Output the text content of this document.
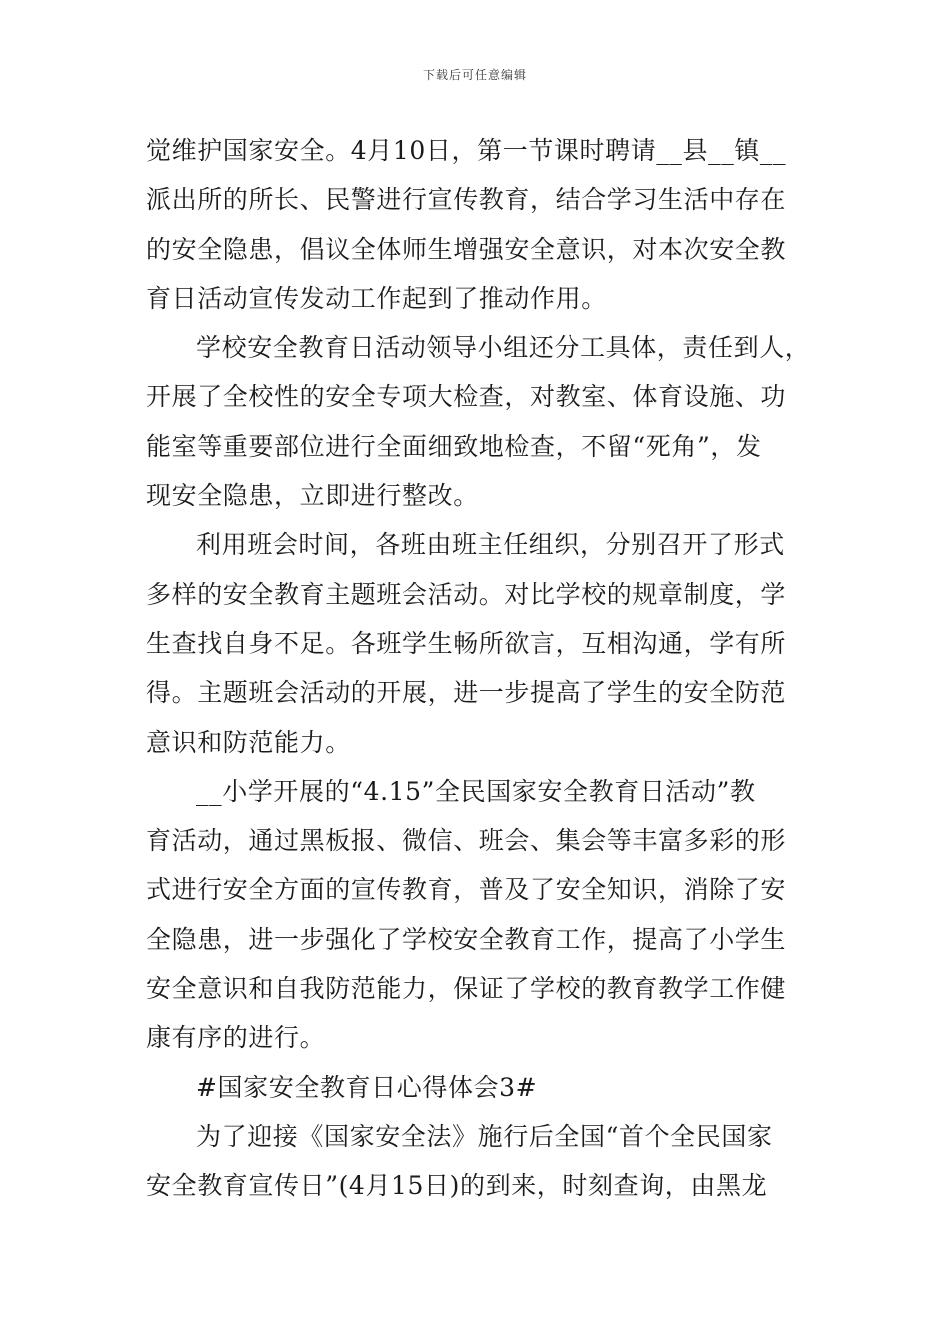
下载后可任意编辑
觉维护国家安全。4月10日，第一节课时聘请__县__镇__
派出所的所长、民警进行宣传教育，结合学习生活中存在
的安全隐患，倡议全体师生增强安全意识，对本次安全教
育日活动宣传发动工作起到了推动作用。
学校安全教育日活动领导小组还分工具体，责任到人，
开展了全校性的安全专项大检查，对教室、体育设施、功
能室等重要部位进行全面细致地检查，不留“死角”，发
现安全隐患，立即进行整改。
利用班会时间，各班由班主任组织，分别召开了形式
多样的安全教育主题班会活动。对比学校的规章制度，学
生查找自身不足。各班学生畅所欲言，互相沟通，学有所
得。主题班会活动的开展，进一步提高了学生的安全防范
意识和防范能力。
__小学开展的“4.15”全民国家安全教育日活动”教
育活动，通过黑板报、微信、班会、集会等丰富多彩的形
式进行安全方面的宣传教育，普及了安全知识，消除了安
全隐患，进一步强化了学校安全教育工作，提高了小学生
安全意识和自我防范能力，保证了学校的教育教学工作健
康有序的进行。
#国家安全教育日心得体会3#
为了迎接《国家安全法》施行后全国“首个全民国家
安全教育宣传日”(4月15日)的到来，时刻查询，由黑龙
